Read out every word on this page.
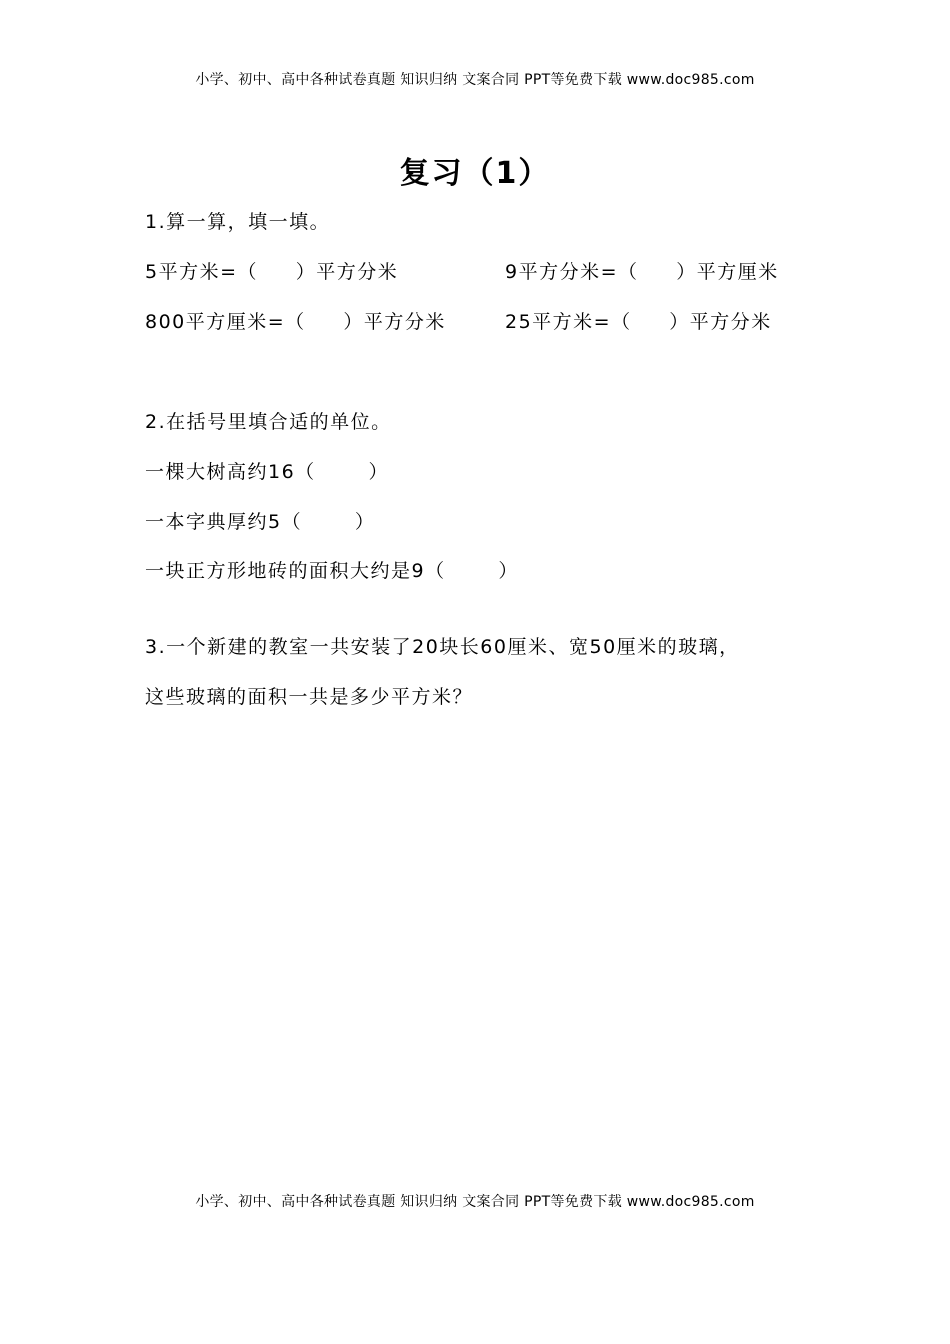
小学、初中、高中各种试卷真题 知识归纳 文案合同 PPT等免费下载 www.doc985.com
复习（1）
1.算一算，填一填。
5平方米=（     ）平方分米	9平方分米=（     ）平方厘米
800平方厘米=（     ）平方分米	25平方米=（     ）平方分米
2.在括号里填合适的单位。
一棵大树高约16（       ）
一本字典厚约5（       ）
一块正方形地砖的面积大约是9（       ）
3.一个新建的教室一共安装了20块长60厘米、宽50厘米的玻璃，
这些玻璃的面积一共是多少平方米？
小学、初中、高中各种试卷真题 知识归纳 文案合同 PPT等免费下载 www.doc985.com
